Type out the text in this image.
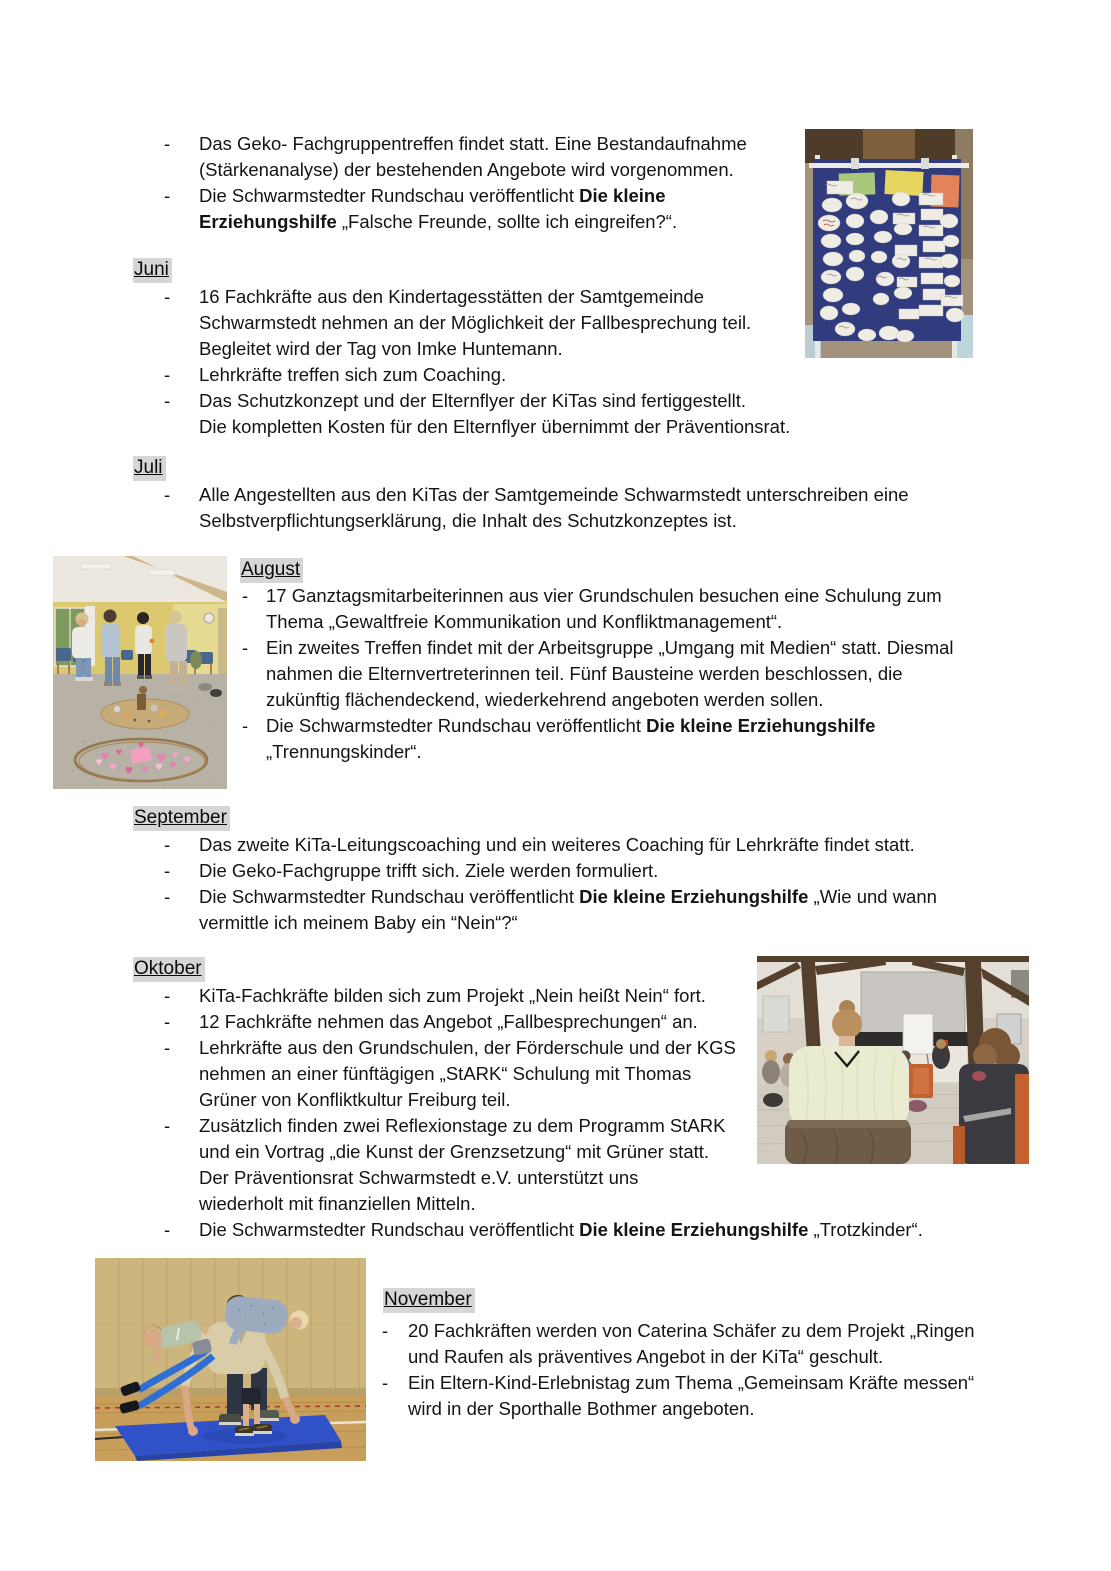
-	Das Geko- Fachgruppentreffen findet statt. Eine Bestandaufnahme
(Stärkenanalyse) der bestehenden Angebote wird vorgenommen.
-	Die Schwarmstedter Rundschau veröffentlicht Die kleine
Erziehungshilfe „Falsche Freunde, sollte ich eingreifen?“.
Juni
-	16 Fachkräfte aus den Kindertagesstätten der Samtgemeinde
Schwarmstedt nehmen an der Möglichkeit der Fallbesprechung teil.
Begleitet wird der Tag von Imke Huntemann.
-	Lehrkräfte treffen sich zum Coaching.
-	Das Schutzkonzept und der Elternflyer der KiTas sind fertiggestellt.
Die kompletten Kosten für den Elternflyer übernimmt der Präventionsrat.
Juli
-	Alle Angestellten aus den KiTas der Samtgemeinde Schwarmstedt unterschreiben eine
Selbstverpflichtungserklärung, die Inhalt des Schutzkonzeptes ist.
August
- 17 Ganztagsmitarbeiterinnen aus vier Grundschulen besuchen eine Schulung zum
Thema „Gewaltfreie Kommunikation und Konfliktmanagement“.
- Ein zweites Treffen findet mit der Arbeitsgruppe „Umgang mit Medien“ statt. Diesmal
nahmen die Elternvertreterinnen teil. Fünf Bausteine werden beschlossen, die
zukünftig flächendeckend, wiederkehrend angeboten werden sollen.
- Die Schwarmstedter Rundschau veröffentlicht Die kleine Erziehungshilfe
„Trennungskinder“.
September
-	Das zweite KiTa-Leitungscoaching und ein weiteres Coaching für Lehrkräfte findet statt.
-	Die Geko-Fachgruppe trifft sich. Ziele werden formuliert.
-	Die Schwarmstedter Rundschau veröffentlicht Die kleine Erziehungshilfe „Wie und wann
vermittle ich meinem Baby ein “Nein“?“
Oktober
-	KiTa-Fachkräfte bilden sich zum Projekt „Nein heißt Nein“ fort.
-	12 Fachkräfte nehmen das Angebot „Fallbesprechungen“ an.
-	Lehrkräfte aus den Grundschulen, der Förderschule und der KGS
nehmen an einer fünftägigen „StARK“ Schulung mit Thomas
Grüner von Konfliktkultur Freiburg teil.
-	Zusätzlich finden zwei Reflexionstage zu dem Programm StARK
und ein Vortrag „die Kunst der Grenzsetzung“ mit Grüner statt.
Der Präventionsrat Schwarmstedt e.V. unterstützt uns
wiederholt mit finanziellen Mitteln.
-	Die Schwarmstedter Rundschau veröffentlicht Die kleine Erziehungshilfe „Trotzkinder“.
November
-	20 Fachkräften werden von Caterina Schäfer zu dem Projekt „Ringen
und Raufen als präventives Angebot in der KiTa“ geschult.
-	Ein Eltern-Kind-Erlebnistag zum Thema „Gemeinsam Kräfte messen“
wird in der Sporthalle Bothmer angeboten.
♥ ♥	♥ ♥
♥ ♥ ♥ ♥ ♥ ♥
♥
♥
